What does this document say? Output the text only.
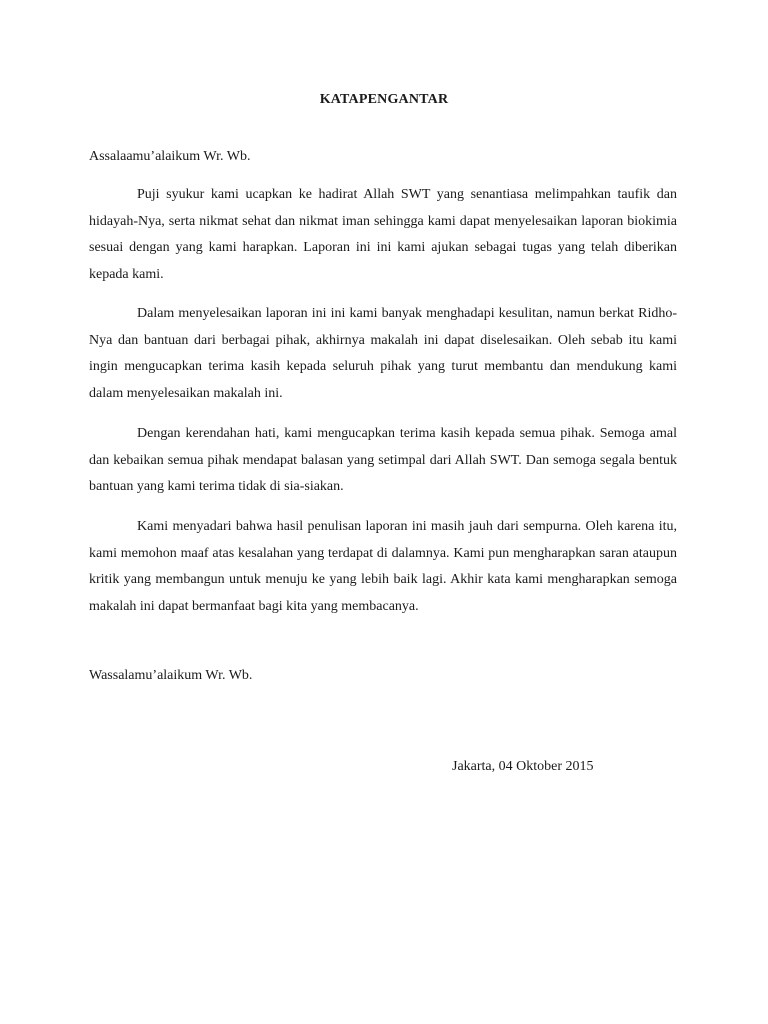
KATAPENGANTAR
Assalaamu’alaikum Wr. Wb.
Puji syukur kami ucapkan ke hadirat Allah SWT yang senantiasa melimpahkan taufik dan hidayah-Nya, serta nikmat sehat dan nikmat iman sehingga kami dapat menyelesaikan laporan biokimia sesuai dengan yang kami harapkan. Laporan ini ini kami ajukan sebagai tugas yang telah diberikan kepada kami.
Dalam menyelesaikan laporan ini ini kami banyak menghadapi kesulitan, namun berkat Ridho-Nya dan bantuan dari berbagai pihak, akhirnya makalah ini dapat diselesaikan. Oleh sebab itu kami ingin mengucapkan terima kasih kepada seluruh pihak yang turut membantu dan mendukung kami dalam menyelesaikan makalah ini.
Dengan kerendahan hati, kami mengucapkan terima kasih kepada semua pihak. Semoga amal dan kebaikan semua pihak mendapat balasan yang setimpal dari Allah SWT. Dan semoga segala bentuk bantuan yang kami terima tidak di sia-siakan.
Kami menyadari bahwa hasil penulisan laporan ini masih jauh dari sempurna. Oleh karena itu, kami memohon maaf atas kesalahan yang terdapat di dalamnya. Kami pun mengharapkan saran ataupun kritik yang membangun untuk menuju ke yang lebih baik lagi. Akhir kata kami mengharapkan semoga makalah ini dapat bermanfaat bagi kita yang membacanya.
Wassalamu’alaikum Wr. Wb.
Jakarta, 04 Oktober 2015
